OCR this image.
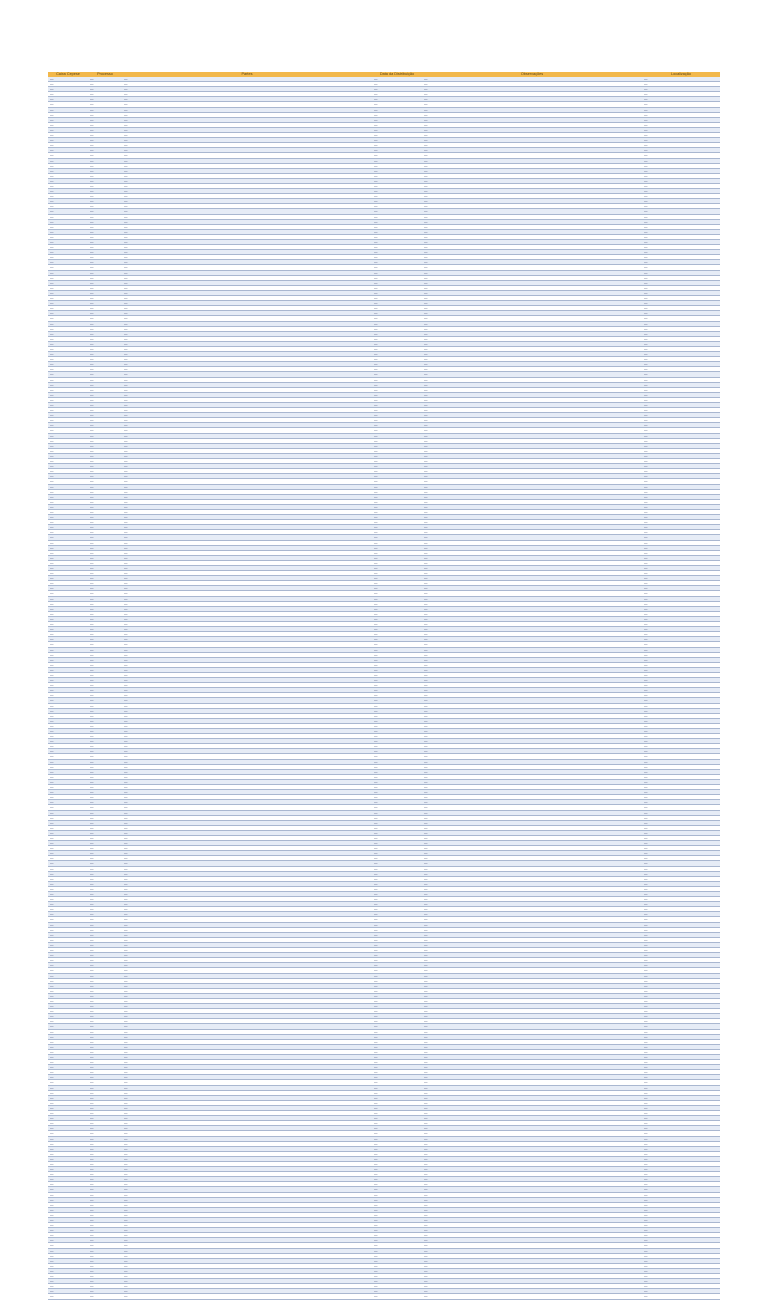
Caixa Cepese	Processo	Partes	Data da Distribuição	Observações	Localização
—	—	—	—	—	—
—	—	—	—	—	—
—	—	—	—	—	—
—	—	—	—	—	—
—	—	—	—	—	—
—	—	—	—	—	—
—	—	—	—	—	—
—	—	—	—	—	—
—	—	—	—	—	—
—	—	—	—	—	—
—	—	—	—	—	—
—	—	—	—	—	—
—	—	—	—	—	—
—	—	—	—	—	—
—	—	—	—	—	—
—	—	—	—	—	—
—	—	—	—	—	—
—	—	—	—	—	—
—	—	—	—	—	—
—	—	—	—	—	—
—	—	—	—	—	—
—	—	—	—	—	—
—	—	—	—	—	—
—	—	—	—	—	—
—	—	—	—	—	—
—	—	—	—	—	—
—	—	—	—	—	—
—	—	—	—	—	—
—	—	—	—	—	—
—	—	—	—	—	—
—	—	—	—	—	—
—	—	—	—	—	—
—	—	—	—	—	—
—	—	—	—	—	—
—	—	—	—	—	—
—	—	—	—	—	—
—	—	—	—	—	—
—	—	—	—	—	—
—	—	—	—	—	—
—	—	—	—	—	—
—	—	—	—	—	—
—	—	—	—	—	—
—	—	—	—	—	—
—	—	—	—	—	—
—	—	—	—	—	—
—	—	—	—	—	—
—	—	—	—	—	—
—	—	—	—	—	—
—	—	—	—	—	—
—	—	—	—	—	—
—	—	—	—	—	—
—	—	—	—	—	—
—	—	—	—	—	—
—	—	—	—	—	—
—	—	—	—	—	—
—	—	—	—	—	—
—	—	—	—	—	—
—	—	—	—	—	—
—	—	—	—	—	—
—	—	—	—	—	—
—	—	—	—	—	—
—	—	—	—	—	—
—	—	—	—	—	—
—	—	—	—	—	—
—	—	—	—	—	—
—	—	—	—	—	—
—	—	—	—	—	—
—	—	—	—	—	—
—	—	—	—	—	—
—	—	—	—	—	—
—	—	—	—	—	—
—	—	—	—	—	—
—	—	—	—	—	—
—	—	—	—	—	—
—	—	—	—	—	—
—	—	—	—	—	—
—	—	—	—	—	—
—	—	—	—	—	—
—	—	—	—	—	—
—	—	—	—	—	—
—	—	—	—	—	—
—	—	—	—	—	—
—	—	—	—	—	—
—	—	—	—	—	—
—	—	—	—	—	—
—	—	—	—	—	—
—	—	—	—	—	—
—	—	—	—	—	—
—	—	—	—	—	—
—	—	—	—	—	—
—	—	—	—	—	—
—	—	—	—	—	—
—	—	—	—	—	—
—	—	—	—	—	—
—	—	—	—	—	—
—	—	—	—	—	—
—	—	—	—	—	—
—	—	—	—	—	—
—	—	—	—	—	—
—	—	—	—	—	—
—	—	—	—	—	—
—	—	—	—	—	—
—	—	—	—	—	—
—	—	—	—	—	—
—	—	—	—	—	—
—	—	—	—	—	—
—	—	—	—	—	—
—	—	—	—	—	—
—	—	—	—	—	—
—	—	—	—	—	—
—	—	—	—	—	—
—	—	—	—	—	—
—	—	—	—	—	—
—	—	—	—	—	—
—	—	—	—	—	—
—	—	—	—	—	—
—	—	—	—	—	—
—	—	—	—	—	—
—	—	—	—	—	—
—	—	—	—	—	—
—	—	—	—	—	—
—	—	—	—	—	—
—	—	—	—	—	—
—	—	—	—	—	—
—	—	—	—	—	—
—	—	—	—	—	—
—	—	—	—	—	—
—	—	—	—	—	—
—	—	—	—	—	—
—	—	—	—	—	—
—	—	—	—	—	—
—	—	—	—	—	—
—	—	—	—	—	—
—	—	—	—	—	—
—	—	—	—	—	—
—	—	—	—	—	—
—	—	—	—	—	—
—	—	—	—	—	—
—	—	—	—	—	—
—	—	—	—	—	—
—	—	—	—	—	—
—	—	—	—	—	—
—	—	—	—	—	—
—	—	—	—	—	—
—	—	—	—	—	—
—	—	—	—	—	—
—	—	—	—	—	—
—	—	—	—	—	—
—	—	—	—	—	—
—	—	—	—	—	—
—	—	—	—	—	—
—	—	—	—	—	—
—	—	—	—	—	—
—	—	—	—	—	—
—	—	—	—	—	—
—	—	—	—	—	—
—	—	—	—	—	—
—	—	—	—	—	—
—	—	—	—	—	—
—	—	—	—	—	—
—	—	—	—	—	—
—	—	—	—	—	—
—	—	—	—	—	—
—	—	—	—	—	—
—	—	—	—	—	—
—	—	—	—	—	—
—	—	—	—	—	—
—	—	—	—	—	—
—	—	—	—	—	—
—	—	—	—	—	—
—	—	—	—	—	—
—	—	—	—	—	—
—	—	—	—	—	—
—	—	—	—	—	—
—	—	—	—	—	—
—	—	—	—	—	—
—	—	—	—	—	—
—	—	—	—	—	—
—	—	—	—	—	—
—	—	—	—	—	—
—	—	—	—	—	—
—	—	—	—	—	—
—	—	—	—	—	—
—	—	—	—	—	—
—	—	—	—	—	—
—	—	—	—	—	—
—	—	—	—	—	—
—	—	—	—	—	—
—	—	—	—	—	—
—	—	—	—	—	—
—	—	—	—	—	—
—	—	—	—	—	—
—	—	—	—	—	—
—	—	—	—	—	—
—	—	—	—	—	—
—	—	—	—	—	—
—	—	—	—	—	—
—	—	—	—	—	—
—	—	—	—	—	—
—	—	—	—	—	—
—	—	—	—	—	—
—	—	—	—	—	—
—	—	—	—	—	—
—	—	—	—	—	—
—	—	—	—	—	—
—	—	—	—	—	—
—	—	—	—	—	—
—	—	—	—	—	—
—	—	—	—	—	—
—	—	—	—	—	—
—	—	—	—	—	—
—	—	—	—	—	—
—	—	—	—	—	—
—	—	—	—	—	—
—	—	—	—	—	—
—	—	—	—	—	—
—	—	—	—	—	—
—	—	—	—	—	—
—	—	—	—	—	—
—	—	—	—	—	—
—	—	—	—	—	—
—	—	—	—	—	—
—	—	—	—	—	—
—	—	—	—	—	—
—	—	—	—	—	—
—	—	—	—	—	—
—	—	—	—	—	—
—	—	—	—	—	—
—	—	—	—	—	—
—	—	—	—	—	—
—	—	—	—	—	—
—	—	—	—	—	—
—	—	—	—	—	—
—	—	—	—	—	—
—	—	—	—	—	—
—	—	—	—	—	—
—	—	—	—	—	—
—	—	—	—	—	—
—	—	—	—	—	—
—	—	—	—	—	—
